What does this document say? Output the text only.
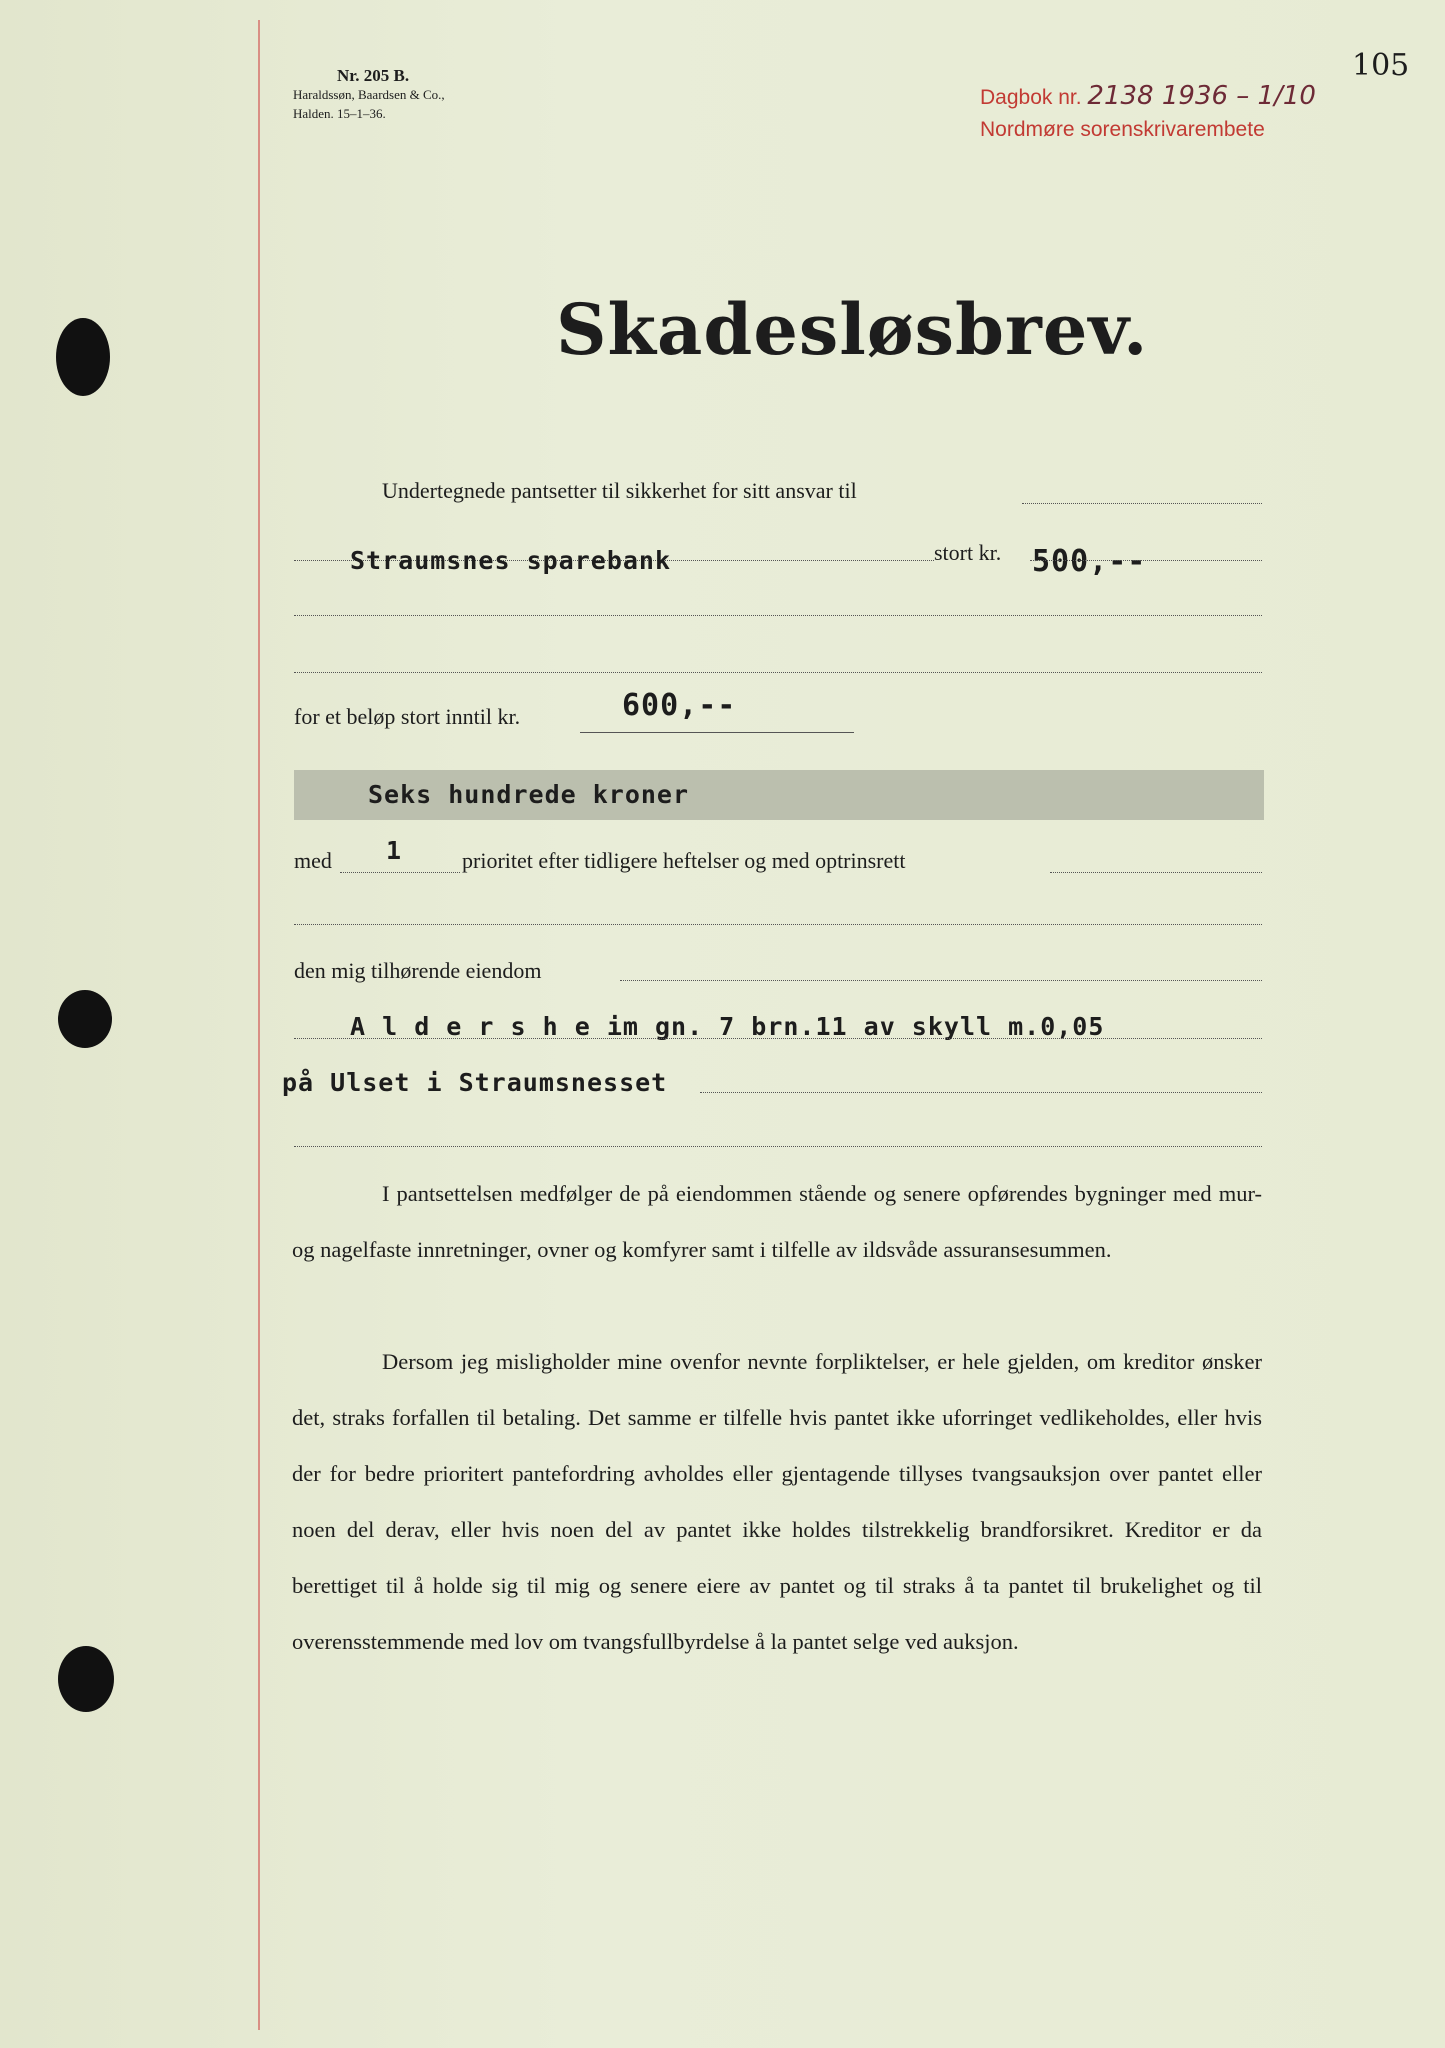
Nr. 205 B.
Haraldssøn, Baardsen & Co.,
Halden. 15–1–36.
Dagbok nr. 2138 1936 – 1/10
Nordmøre sorenskrivarembete
105
Skadesløsbrev.
Undertegnede pantsetter til sikkerhet for sitt ansvar til
Straumsnes sparebank	stort kr. 500,--
for et beløp stort inntil kr.	600,--
Seks hundrede kroner
med 1	prioritet efter tidligere heftelser og med optrinsrett
den mig tilhørende eiendom
A l d e r s h e im gn. 7 brn.11 av skyll m.0,05
på Ulset i Straumsnesset

I pantsettelsen medfølger de på eiendommen stående og senere opførendes bygninger med mur- og nagelfaste innretninger, ovner og komfyrer samt i tilfelle av ildsvåde assuransesummen.

Dersom jeg misligholder mine ovenfor nevnte forpliktelser, er hele gjelden, om kreditor ønsker det, straks forfallen til betaling. Det samme er tilfelle hvis pantet ikke uforringet vedlikeholdes, eller hvis der for bedre prioritert pantefordring avholdes eller gjentagende tillyses tvangsauksjon over pantet eller noen del derav, eller hvis noen del av pantet ikke holdes tilstrekkelig brandforsikret. Kreditor er da berettiget til å holde sig til mig og senere eiere av pantet og til straks å ta pantet til brukelighet og til overensstemmende med lov om tvangsfullbyrdelse å la pantet selge ved auksjon.
